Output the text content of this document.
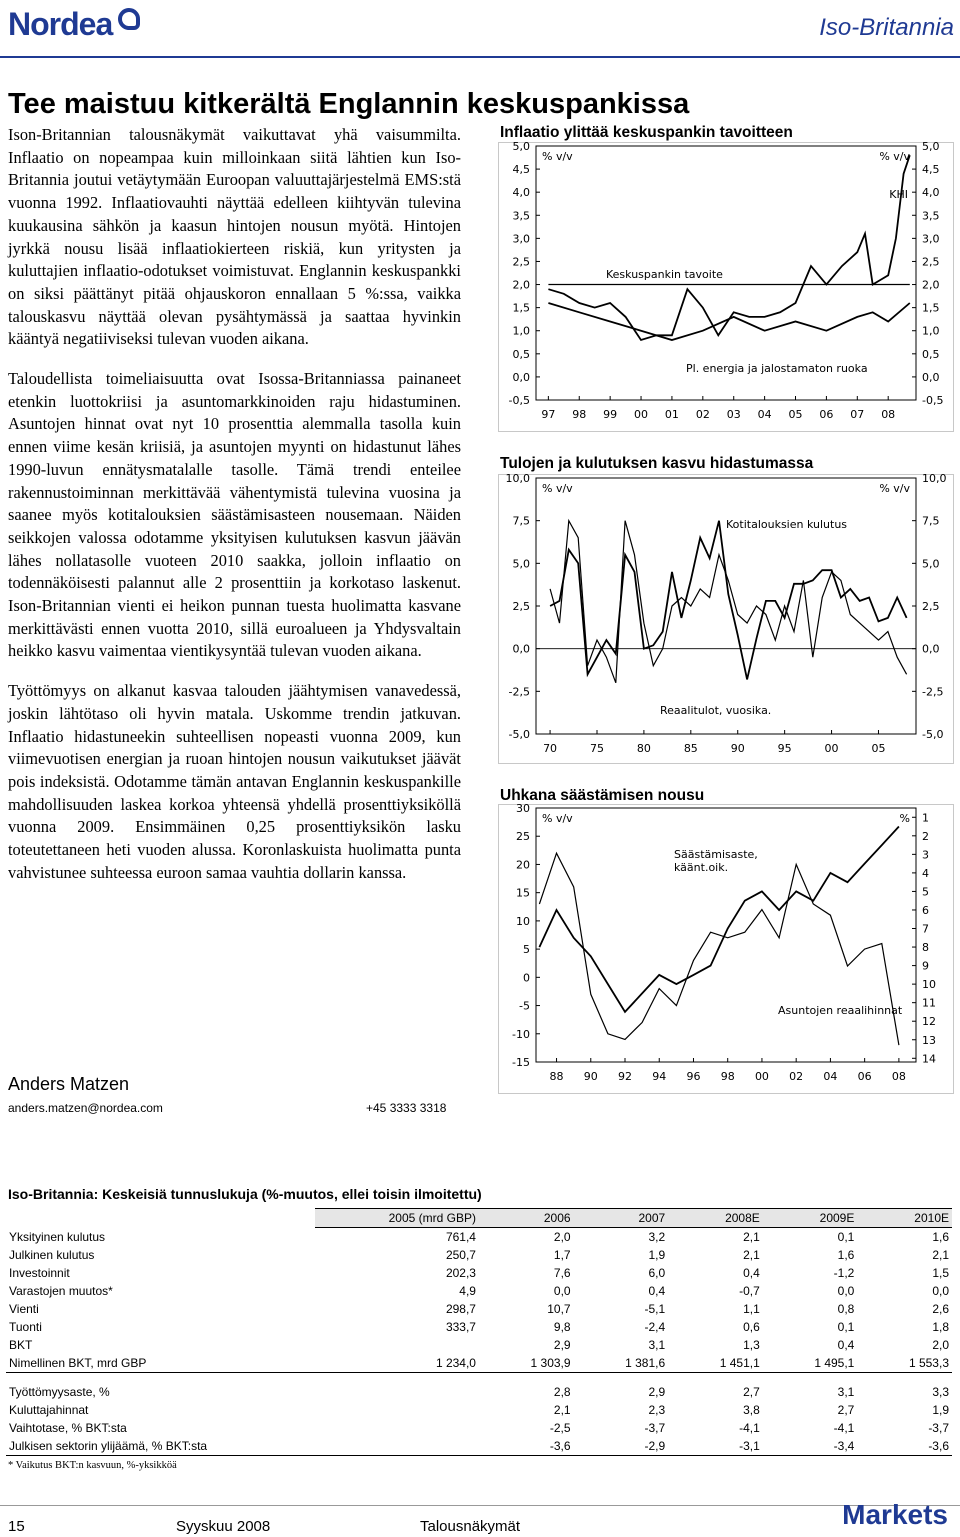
Nordea	Iso-Britannia
Tee maistuu kitkerältä Englannin keskuspankissa

Ison-Britannian talousnäkymät vaikuttavat yhä vaisummilta. Inflaatio on nopeampaa kuin milloinkaan siitä lähtien kun Iso-Britannia joutui vetäytymään Euroopan valuuttajärjestelmä EMS:stä vuonna 1992. Inflaatiovauhti näyttää edelleen kiihtyvän tulevina kuukausina sähkön ja kaasun hintojen nousun myötä. Hintojen jyrkkä nousu lisää inflaatiokierteen riskiä, kun yritysten ja kuluttajien inflaatio-odotukset voimistuvat. Englannin keskuspankki on siksi päättänyt pitää ohjauskoron ennallaan 5 %:ssa, vaikka talouskasvu näyttää olevan pysähtymässä ja saattaa hyvinkin kääntyä negatiiviseksi tulevan vuoden aikana.

Taloudellista toimeliaisuutta ovat Isossa-Britanniassa painaneet etenkin luottokriisi ja asuntomarkkinoiden raju hidastuminen. Asuntojen hinnat ovat nyt 10 prosenttia alemmalla tasolla kuin ennen viime kesän kriisiä, ja asuntojen myynti on hidastunut lähes 1990-luvun ennätysmatalalle tasolle. Tämä trendi enteilee rakennustoiminnan merkittävää vähentymistä tulevina vuosina ja saanee myös kotitalouksien säästämisasteen nousemaan. Näiden seikkojen valossa odotamme yksityisen kulutuksen kasvun jäävän lähes nollatasolle vuoteen 2010 saakka, jolloin inflaatio on todennäköisesti palannut alle 2 prosenttiin ja korkotaso laskenut. Ison-Britannian vienti ei heikon punnan tuesta huolimatta kasvane merkittävästi ennen vuotta 2010, sillä euroalueen ja Yhdysvaltain heikko kasvu vaimentaa vientikysyntää tulevan vuoden aikana.

Työttömyys on alkanut kasvaa talouden jäähtymisen vanavedessä, joskin lähtötaso oli hyvin matala. Uskomme trendin jatkuvan. Inflaatio hidastuneekin suhteellisen nopeasti vuonna 2009, kun viimevuotisen energian ja ruoan hintojen nousun vaikutukset jäävät pois indeksistä. Odotamme tämän antavan Englannin keskuspankille mahdollisuuden laskea korkoa yhteensä yhdellä prosenttiyksiköllä vuonna 2009. Ensimmäinen 0,25 prosenttiyksikön lasku toteutettaneen heti vuoden alussa. Koronlaskuista huolimatta punta vahvistunee suhteessa euroon samaa vauhtia dollarin kanssa.

Anders Matzen
anders.matzen@nordea.com	+45 3333 3318
Inflaatio ylittää keskuspankin tavoitteen
5,0
4,5
4,0
3,5
3,0
2,5
2,0
1,5
1,0
0,5
0,0
-0,5
5,0
4,5
4,0
3,5
3,0
2,5
2,0
1,5
1,0
0,5
0,0
-0,5
97 98 99 00 01 02 03 04 05 06 07 08
% v/v	% v/v
KHI
Keskuspankin tavoite
Pl. energia ja jalostamaton ruoka
Tulojen ja kulutuksen kasvu hidastumassa
10,0
7,5
5,0
2,5
0,0
-2,5
-5,0
10,0
7,5
5,0
2,5
0,0
-2,5
-5,0
70	75	80	85	90	95	00	05
% v/v	% v/v
Kotitalouksien kulutus
Reaalitulot, vuosika.
Uhkana säästämisen nousu
30
25
20
15
10
5
0
-5
-10
-15
1
2
3
4
5
6
7
8
9
10
11
12
13
14
88 90 92 94 96 98 00 02 04 06 08
% v/v	%
Säästämisaste,
käänt.oik.
Asuntojen reaalihinnat
Iso-Britannia: Keskeisiä tunnuslukuja (%-muutos, ellei toisin ilmoitettu)
	2005 (mrd GBP)	2006	2007	2008E	2009E	2010E
Yksityinen kulutus	761,4	2,0	3,2	2,1	0,1	1,6
Julkinen kulutus	250,7	1,7	1,9	2,1	1,6	2,1
Investoinnit	202,3	7,6	6,0	0,4	-1,2	1,5
Varastojen muutos*	4,9	0,0	0,4	-0,7	0,0	0,0
Vienti	298,7	10,7	-5,1	1,1	0,8	2,6
Tuonti	333,7	9,8	-2,4	0,6	0,1	1,8
BKT		2,9	3,1	1,3	0,4	2,0
Nimellinen BKT, mrd GBP	1 234,0	1 303,9	1 381,6	1 451,1	1 495,1	1 553,3

Työttömyysaste, %		2,8	2,9	2,7	3,1	3,3
Kuluttajahinnat		2,1	2,3	3,8	2,7	1,9
Vaihtotase, % BKT:sta		-2,5	-3,7	-4,1	-4,1	-3,7
Julkisen sektorin ylijäämä, % BKT:sta		-3,6	-2,9	-3,1	-3,4	-3,6
* Vaikutus BKT:n kasvuun, %-yksikköä
15	Syyskuu 2008	Talousnäkymät	Markets
